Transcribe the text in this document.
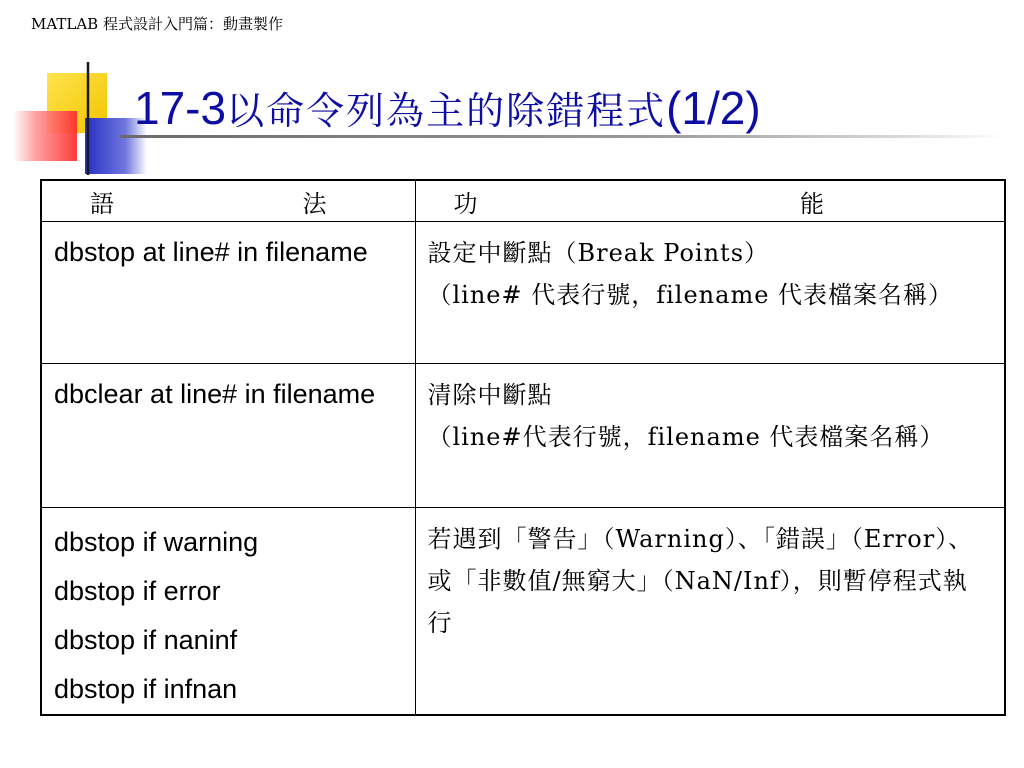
MATLAB 程式設計入門篇：動畫製作
17-3以命令列為主的除錯程式(1/2)
語 法	功 能

dbstop at line# in filename	設定中斷點（Break Points）
（line# 代表行號，filename 代表檔案名稱）

dbclear at line# in filename	清除中斷點
（line#代表行號，filename 代表檔案名稱）

dbstop if warning
dbstop if error
dbstop if naninf
dbstop if infnan	若遇到「警告」（Warning）、「錯誤」（Error）、或「非數值/無窮大」（NaN/Inf），則暫停程式執行
